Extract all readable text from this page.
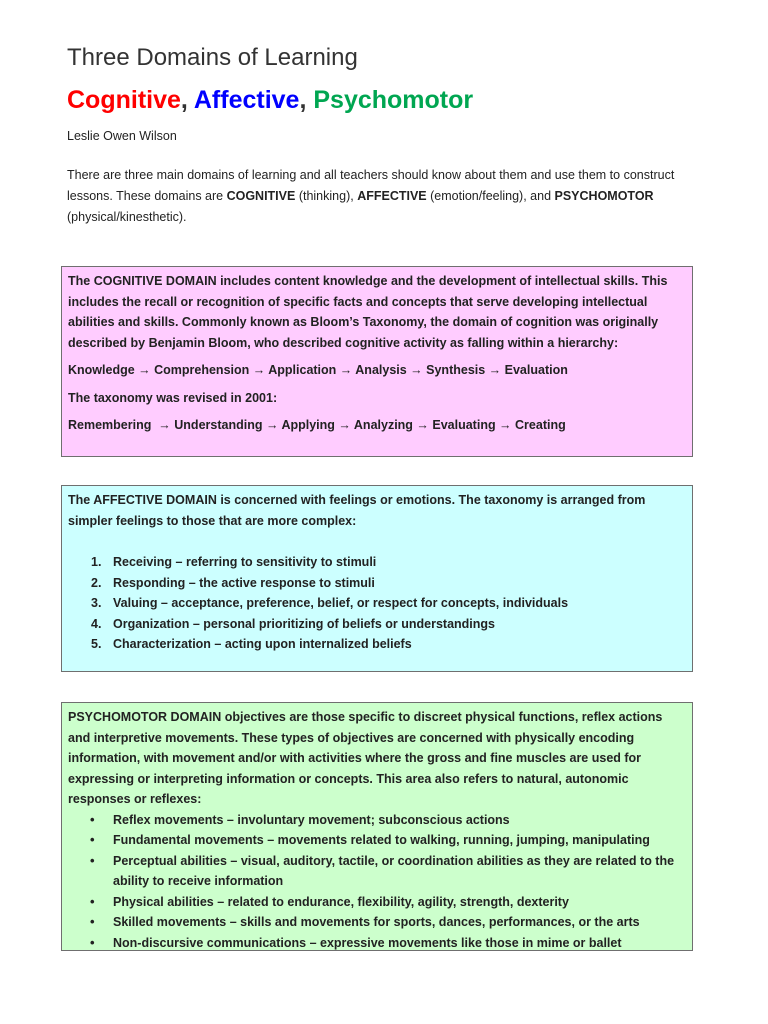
Three Domains of Learning
Cognitive, Affective, Psychomotor
Leslie Owen Wilson
There are three main domains of learning and all teachers should know about them and use them to construct lessons. These domains are COGNITIVE (thinking), AFFECTIVE (emotion/feeling), and PSYCHOMOTOR (physical/kinesthetic).

The COGNITIVE DOMAIN includes content knowledge and the development of intellectual skills. This includes the recall or recognition of specific facts and concepts that serve developing intellectual abilities and skills. Commonly known as Bloom’s Taxonomy, the domain of cognition was originally described by Benjamin Bloom, who described cognitive activity as falling within a hierarchy:

Knowledge → Comprehension → Application → Analysis → Synthesis → Evaluation

The taxonomy was revised in 2001:

Remembering  → Understanding → Applying → Analyzing → Evaluating → Creating

The AFFECTIVE DOMAIN is concerned with feelings or emotions. The taxonomy is arranged from simpler feelings to those that are more complex:

1. Receiving – referring to sensitivity to stimuli
2. Responding – the active response to stimuli
3. Valuing – acceptance, preference, belief, or respect for concepts, individuals
4. Organization – personal prioritizing of beliefs or understandings
5. Characterization – acting upon internalized beliefs

PSYCHOMOTOR DOMAIN objectives are those specific to discreet physical functions, reflex actions and interpretive movements. These types of objectives are concerned with physically encoding information, with movement and/or with activities where the gross and fine muscles are used for expressing or interpreting information or concepts. This area also refers to natural, autonomic responses or reflexes:

• Reflex movements – involuntary movement; subconscious actions
• Fundamental movements – movements related to walking, running, jumping, manipulating
• Perceptual abilities – visual, auditory, tactile, or coordination abilities as they are related to the ability to receive information
• Physical abilities – related to endurance, flexibility, agility, strength, dexterity
• Skilled movements – skills and movements for sports, dances, performances, or the arts
• Non-discursive communications – expressive movements like those in mime or ballet
